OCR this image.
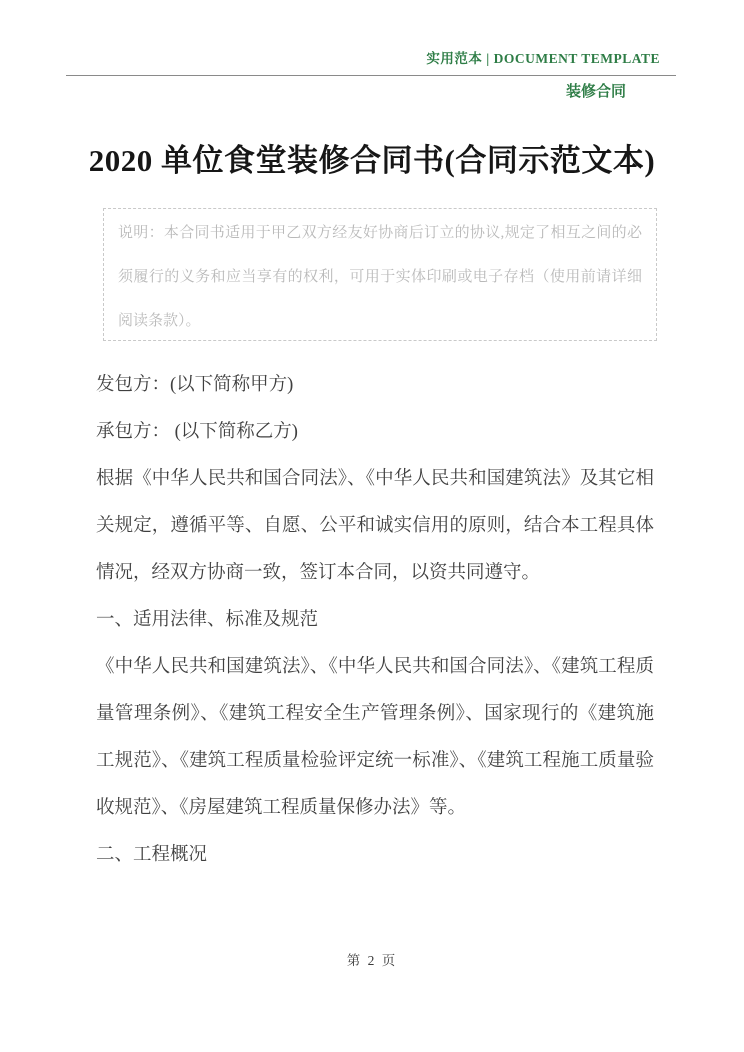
实用范本 | DOCUMENT TEMPLATE
装修合同
2020 单位食堂装修合同书(合同示范文本)
说明：本合同书适用于甲乙双方经友好协商后订立的协议,规定了相互之间的必须履行的义务和应当享有的权利，可用于实体印刷或电子存档（使用前请详细阅读条款）。

发包方：(以下简称甲方)

承包方： (以下简称乙方)

根据《中华人民共和国合同法》、《中华人民共和国建筑法》及其它相关规定，遵循平等、自愿、公平和诚实信用的原则，结合本工程具体情况，经双方协商一致，签订本合同，以资共同遵守。

一、适用法律、标准及规范

《中华人民共和国建筑法》、《中华人民共和国合同法》、《建筑工程质量管理条例》、《建筑工程安全生产管理条例》、国家现行的《建筑施工规范》、《建筑工程质量检验评定统一标准》、《建筑工程施工质量验收规范》、《房屋建筑工程质量保修办法》等。

二、工程概况

第 2 页
